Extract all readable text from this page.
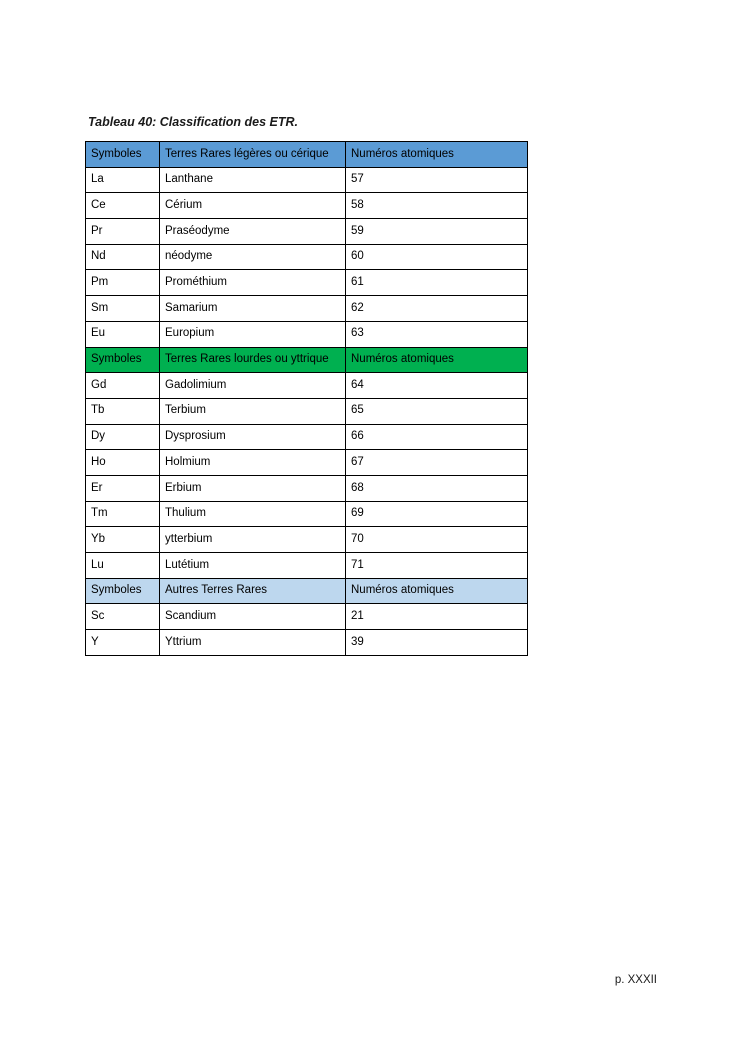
Tableau 40: Classification des ETR.
Symboles	Terres Rares légères ou cérique	Numéros atomiques
La	Lanthane	57
Ce	Cérium	58
Pr	Praséodyme	59
Nd	néodyme	60
Pm	Prométhium	61
Sm	Samarium	62
Eu	Europium	63
Symboles	Terres Rares lourdes ou yttrique	Numéros atomiques
Gd	Gadolimium	64
Tb	Terbium	65
Dy	Dysprosium	66
Ho	Holmium	67
Er	Erbium	68
Tm	Thulium	69
Yb	ytterbium	70
Lu	Lutétium	71
Symboles	Autres Terres Rares	Numéros atomiques
Sc	Scandium	21
Y	Yttrium	39
p. XXXII
